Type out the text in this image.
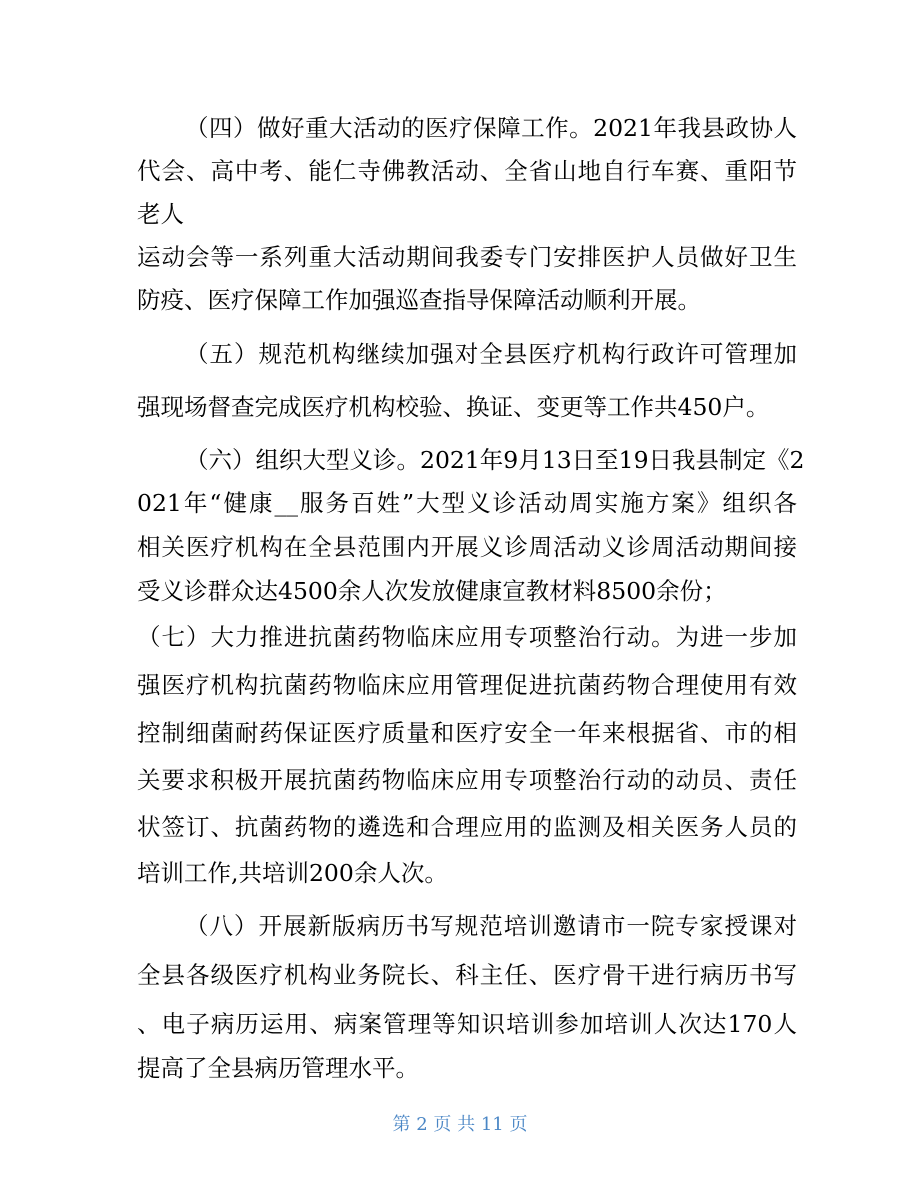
（四）做好重大活动的医疗保障工作。2021年我县政协人
代会、高中考、能仁寺佛教活动、全省山地自行车赛、重阳节
老人
运动会等一系列重大活动期间我委专门安排医护人员做好卫生
防疫、医疗保障工作加强巡查指导保障活动顺利开展。
（五）规范机构继续加强对全县医疗机构行政许可管理加
强现场督查完成医疗机构校验、换证、变更等工作共450户。
（六）组织大型义诊。2021年9月13日至19日我县制定《2
021年“健康__服务百姓”大型义诊活动周实施方案》组织各
相关医疗机构在全县范围内开展义诊周活动义诊周活动期间接
受义诊群众达4500余人次发放健康宣教材料8500余份；
（七）大力推进抗菌药物临床应用专项整治行动。为进一步加
强医疗机构抗菌药物临床应用管理促进抗菌药物合理使用有效
控制细菌耐药保证医疗质量和医疗安全一年来根据省、市的相
关要求积极开展抗菌药物临床应用专项整治行动的动员、责任
状签订、抗菌药物的遴选和合理应用的监测及相关医务人员的
培训工作,共培训200余人次。
（八）开展新版病历书写规范培训邀请市一院专家授课对
全县各级医疗机构业务院长、科主任、医疗骨干进行病历书写
、电子病历运用、病案管理等知识培训参加培训人次达170人
提高了全县病历管理水平。
第 2 页 共 11 页
